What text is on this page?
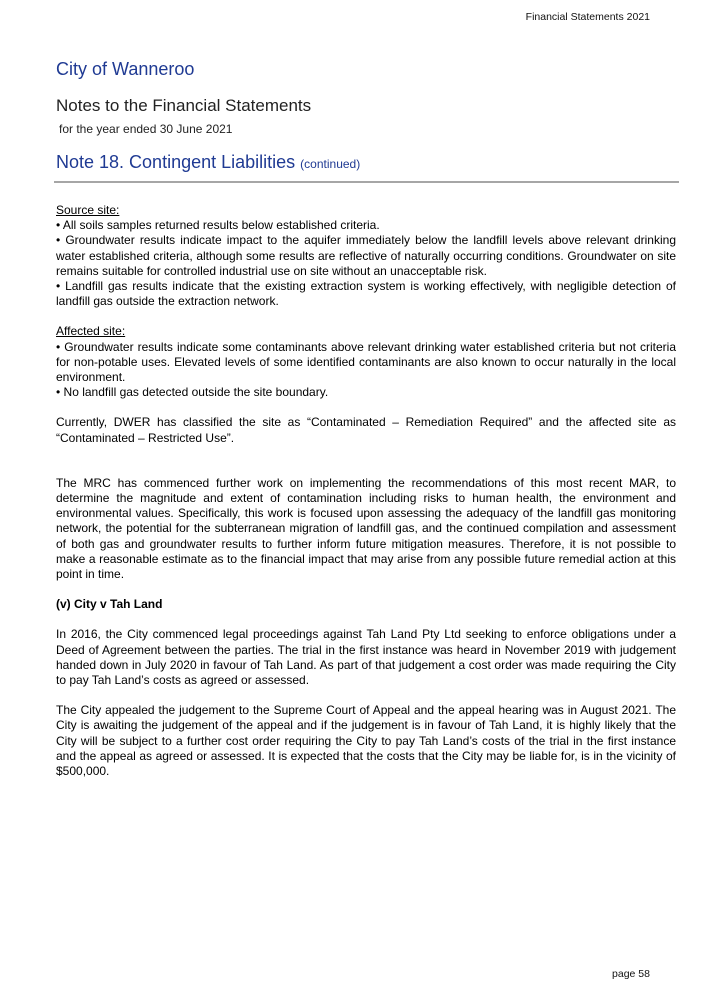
Financial Statements 2021
City of Wanneroo
Notes to the Financial Statements
for the year ended 30 June 2021
Note 18. Contingent Liabilities (continued)

Source site:

• All soils samples returned results below established criteria.

• Groundwater results indicate impact to the aquifer immediately below the landfill levels above relevant drinking water established criteria, although some results are reflective of naturally occurring conditions. Groundwater on site remains suitable for controlled industrial use on site without an unacceptable risk.

• Landfill gas results indicate that the existing extraction system is working effectively, with negligible detection of landfill gas outside the extraction network.

Affected site:

• Groundwater results indicate some contaminants above relevant drinking water established criteria but not criteria for non-potable uses. Elevated levels of some identified contaminants are also known to occur naturally in the local environment.

• No landfill gas detected outside the site boundary.

Currently, DWER has classified the site as “Contaminated – Remediation Required” and the affected site as “Contaminated – Restricted Use”.

The MRC has commenced further work on implementing the recommendations of this most recent MAR, to determine the magnitude and extent of contamination including risks to human health, the environment and environmental values. Specifically, this work is focused upon assessing the adequacy of the landfill gas monitoring network, the potential for the subterranean migration of landfill gas, and the continued compilation and assessment of both gas and groundwater results to further inform future mitigation measures. Therefore, it is not possible to make a reasonable estimate as to the financial impact that may arise from any possible future remedial action at this point in time.

(v) City v Tah Land

In 2016, the City commenced legal proceedings against Tah Land Pty Ltd seeking to enforce obligations under a Deed of Agreement between the parties. The trial in the first instance was heard in November 2019 with judgement handed down in July 2020 in favour of Tah Land. As part of that judgement a cost order was made requiring the City to pay Tah Land’s costs as agreed or assessed.

The City appealed the judgement to the Supreme Court of Appeal and the appeal hearing was in August 2021. The City is awaiting the judgement of the appeal and if the judgement is in favour of Tah Land, it is highly likely that the City will be subject to a further cost order requiring the City to pay Tah Land’s costs of the trial in the first instance and the appeal as agreed or assessed. It is expected that the costs that the City may be liable for, is in the vicinity of $500,000.

page 58
